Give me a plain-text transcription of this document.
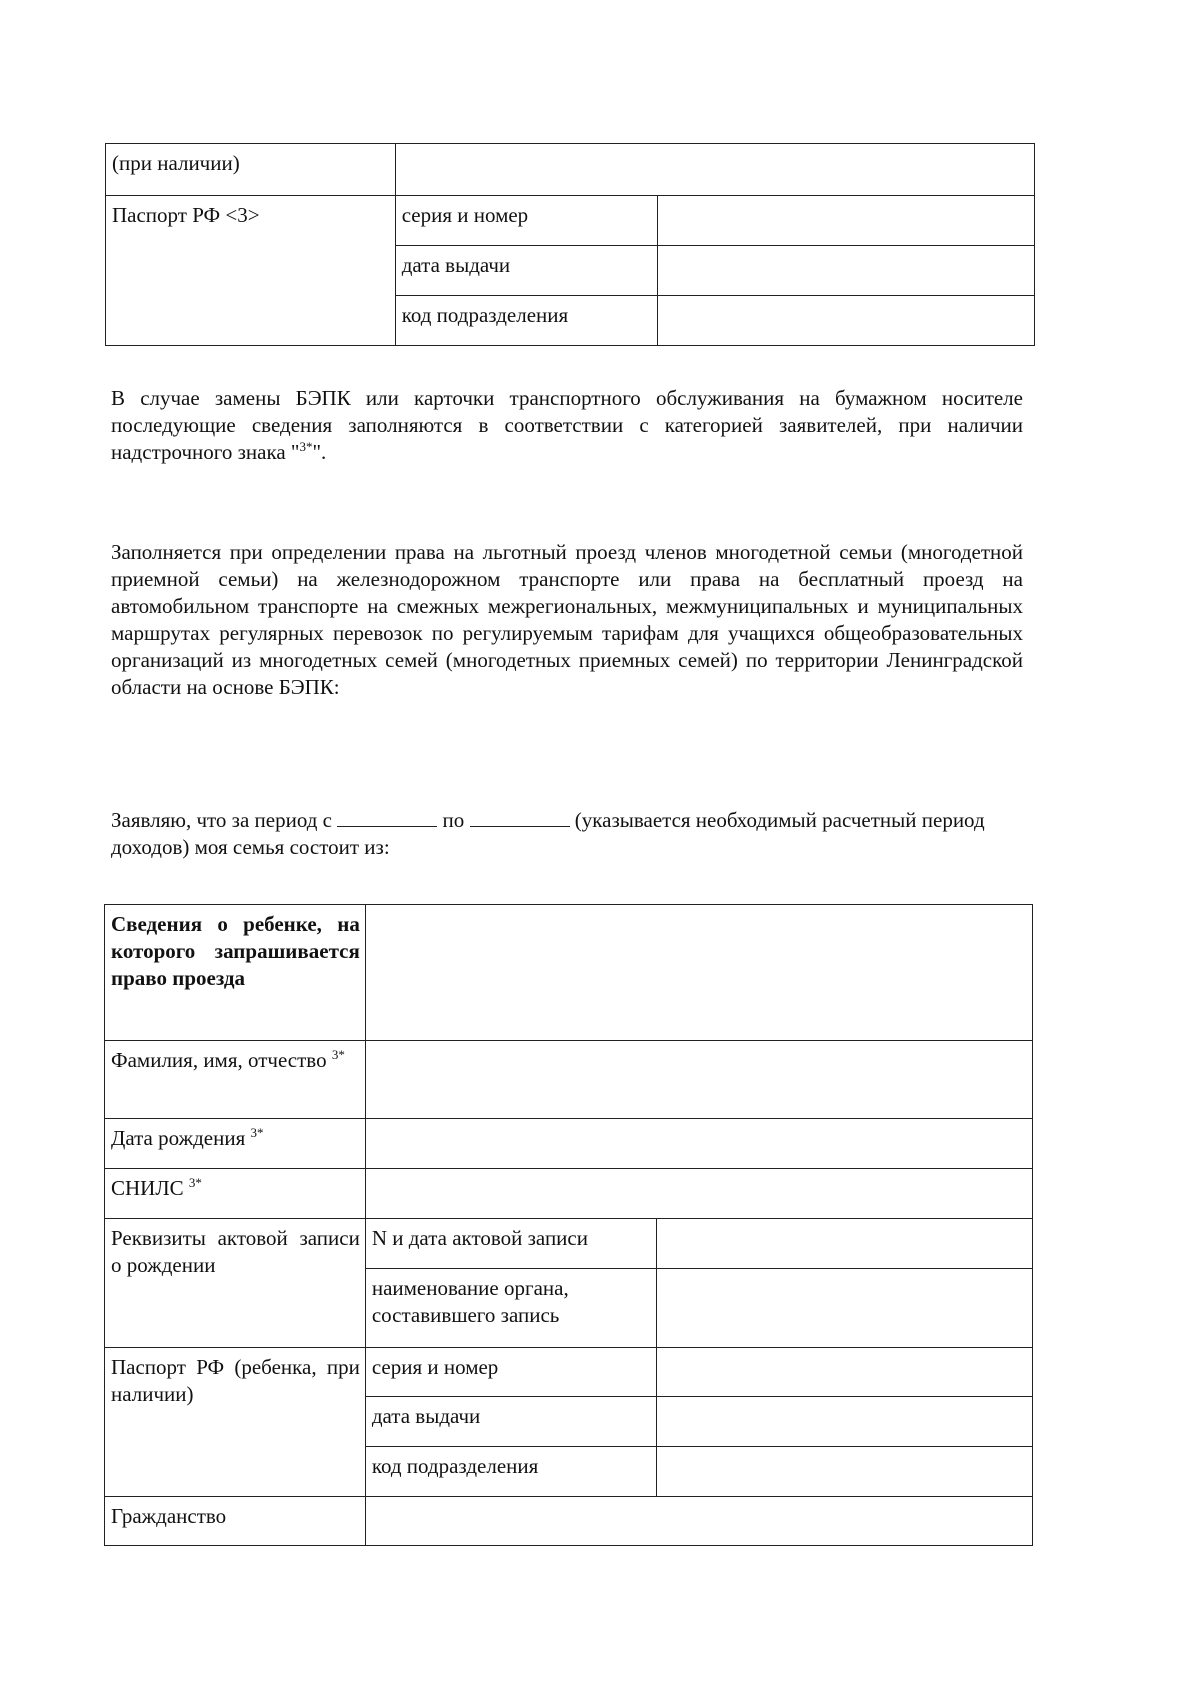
(при наличии)		
Паспорт РФ <3>	серия и номер	
	дата выдачи	
	код подразделения	

В случае замены БЭПК или карточки транспортного обслуживания на бумажном носителе последующие сведения заполняются в соответствии с категорией заявителей, при наличии надстрочного знака "$^{3*}$".

Заполняется при определении права на льготный проезд членов многодетной семьи (многодетной приемной семьи) на железнодорожном транспорте или права на бесплатный проезд на автомобильном транспорте на смежных межрегиональных, межмуниципальных и муниципальных маршрутах регулярных перевозок по регулируемым тарифам для учащихся общеобразовательных организаций из многодетных семей (многодетных приемных семей) по территории Ленинградской области на основе БЭПК:

Заявляю, что за период с	по	(указывается необходимый расчетный период доходов) моя семья состоит из:

Сведения о ребенке, на которого запрашивается право проезда		
Фамилия, имя, отчество $^{3*}$	
Дата рождения $^{3*}$	
СНИЛС $^{3*}$	
Реквизиты актовой записи о рождении	N и дата актовой записи	
	наименование органа, составившего запись	
Паспорт РФ (ребенка, при наличии)	серия и номер	
	дата выдачи	
	код подразделения	
Гражданство		
